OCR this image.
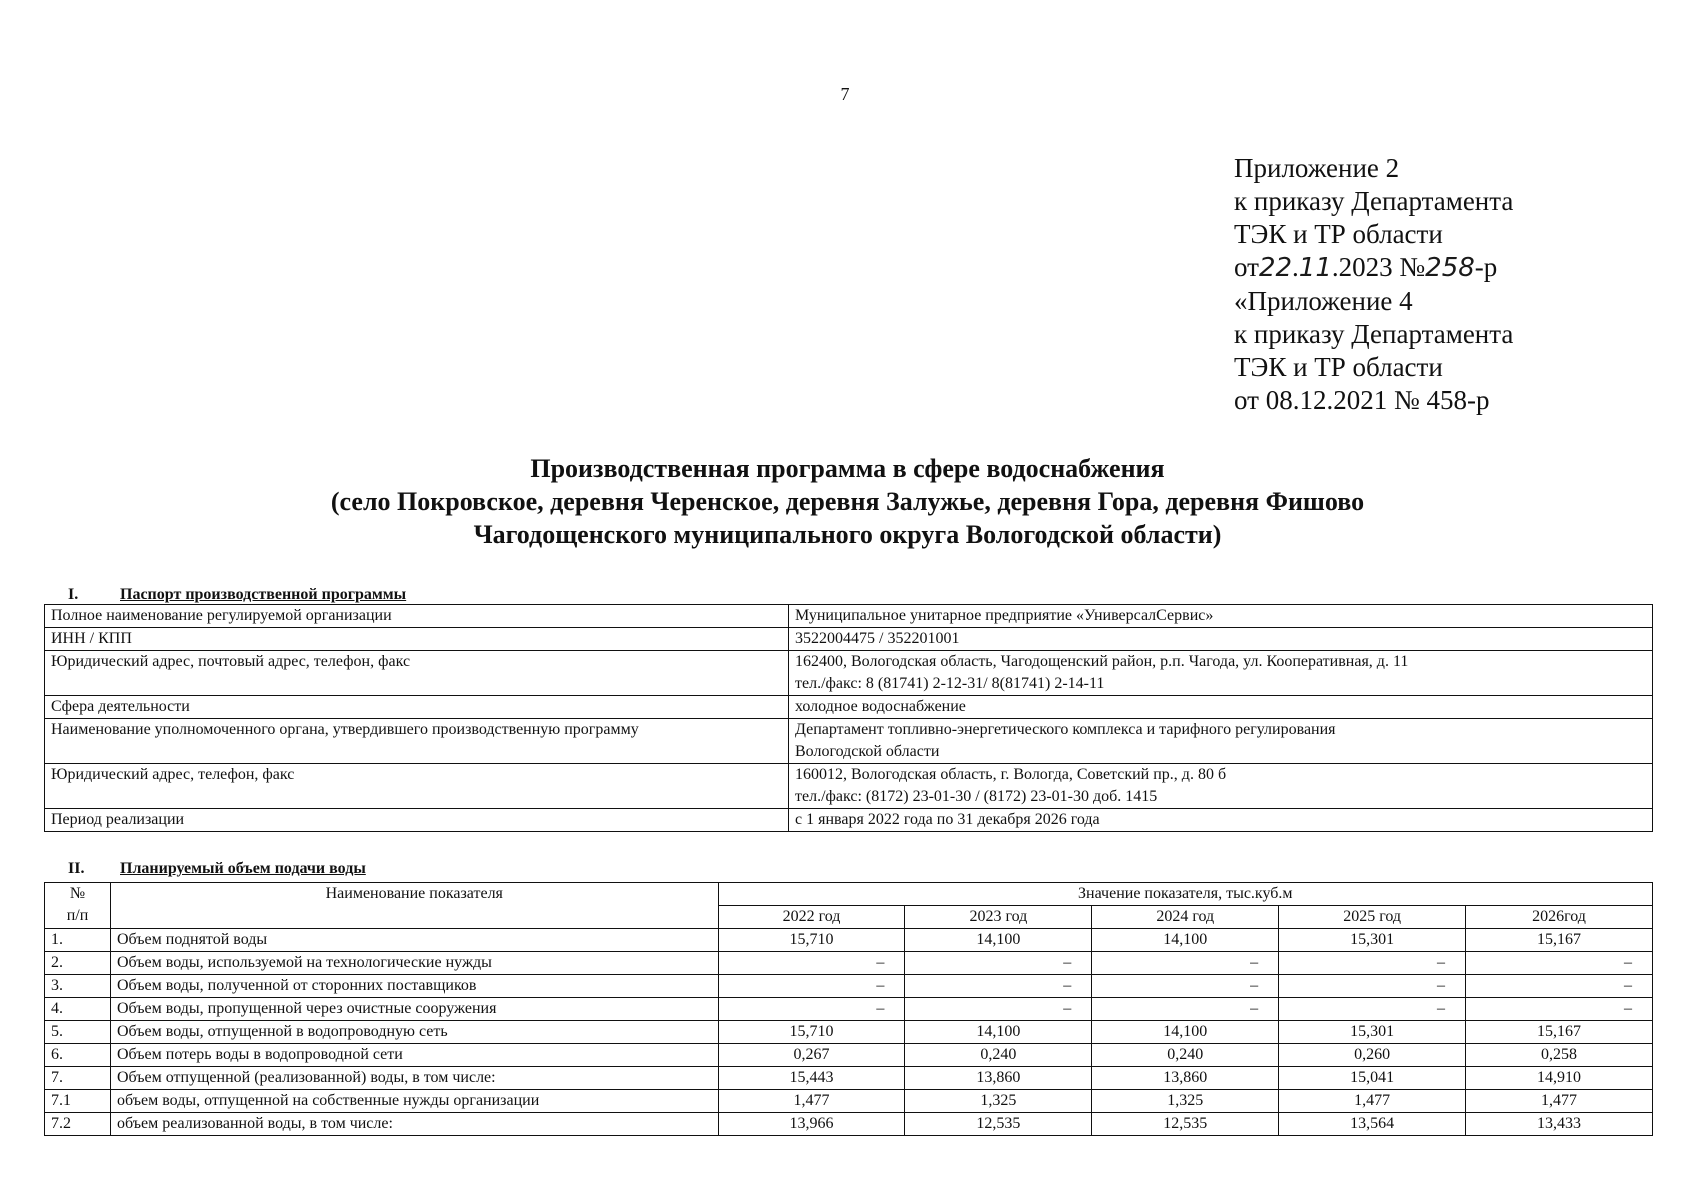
7
Приложение 2
к приказу Департамента
ТЭК и ТР области
от22.11.2023 №258-р
«Приложение 4
к приказу Департамента
ТЭК и ТР области
от 08.12.2021 № 458-р
Производственная программа в сфере водоснабжения
(село Покровское, деревня Черенское, деревня Залужье, деревня Гора, деревня Фишово
Чагодощенского муниципального округа Вологодской области)
I.	Паспорт производственной программы
Полное наименование регулируемой организации	Муниципальное унитарное предприятие «УниверсалСервис»

ИНН / КПП	3522004475 / 352201001

Юридический адрес, почтовый адрес, телефон, факс	162400, Вологодская область, Чагодощенский район, р.п. Чагода, ул. Кооперативная, д. 11
тел./факс: 8 (81741) 2-12-31/ 8(81741) 2-14-11

Сфера деятельности	холодное водоснабжение

Наименование уполномоченного органа, утвердившего производственную программу	Департамент топливно-энергетического комплекса и тарифного регулирования
Вологодской области

Юридический адрес, телефон, факс	160012, Вологодская область, г. Вологда, Советский пр., д. 80 б
тел./факс: (8172) 23-01-30 / (8172) 23-01-30 доб. 1415

Период реализации	с 1 января 2022 года по 31 декабря 2026 года
II. Планируемый объем подачи воды
№
п/п	Наименование показателя	Значение показателя, тыс.куб.м				
		2022 год	2023 год	2024 год	2025 год	2026год
1.	Объем поднятой воды	15,710	14,100	14,100	15,301	15,167
2.	Объем воды, используемой на технологические нужды	–	–	–	–	–
3.	Объем воды, полученной от сторонних поставщиков	–	–	–	–	–
4.	Объем воды, пропущенной через очистные сооружения	–	–	–	–	–
5.	Объем воды, отпущенной в водопроводную сеть	15,710	14,100	14,100	15,301	15,167
6.	Объем потерь воды в водопроводной сети	0,267	0,240	0,240	0,260	0,258
7.	Объем отпущенной (реализованной) воды, в том числе:	15,443	13,860	13,860	15,041	14,910
7.1	объем воды, отпущенной на собственные нужды организации	1,477	1,325	1,325	1,477	1,477
7.2	объем реализованной воды, в том числе:	13,966	12,535	12,535	13,564	13,433
